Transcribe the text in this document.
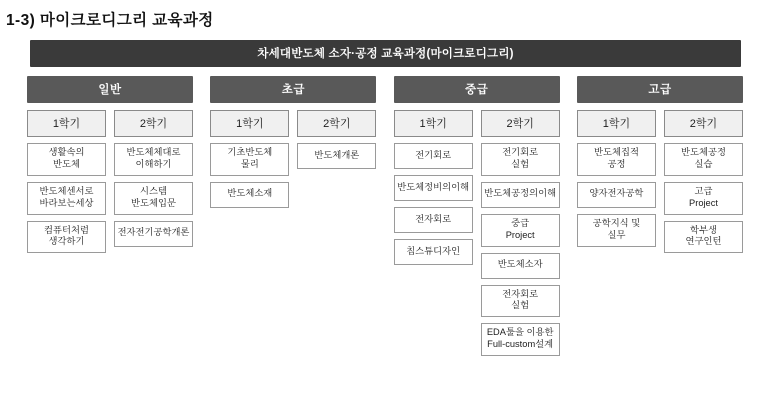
1-3) 마이크로디그리 교육과정
차세대반도체 소자·공정 교육과정(마이크로디그리)
일반
1학기
생활속의
반도체
반도체센서로
바라보는세상
컴퓨터처럼
생각하기
2학기
반도체체대로
이해하기
시스템
반도체입문
전자전기공학개론
초급
1학기
기초반도체
물리
반도체소재
2학기
반도체개론
중급
1학기
전기회로
반도체정비의이해
전자회로
칩스튜디자인
2학기
전기회로
실험
반도체공정의이해
중급
Project
반도체소자
전자회로
실험
EDA툴을 이용한
Full-custom설계
고급
1학기
반도체집적
공정
양자전자공학
공학지식 및
실무
2학기
반도체공정
실습
고급
Project
학부생
연구인턴
